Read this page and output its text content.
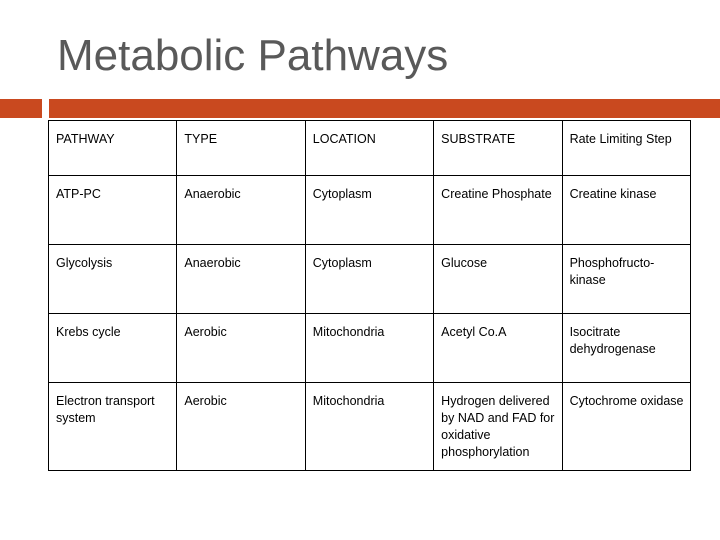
Metabolic Pathways
PATHWAY	TYPE	LOCATION	SUBSTRATE	Rate Limiting Step
ATP-PC	Anaerobic	Cytoplasm	Creatine Phosphate	Creatine kinase
Glycolysis	Anaerobic	Cytoplasm	Glucose	Phosphofructo-kinase
Krebs cycle	Aerobic	Mitochondria	Acetyl Co.A	Isocitrate dehydrogenase
Electron transport system	Aerobic	Mitochondria	Hydrogen delivered by NAD and FAD for oxidative phosphorylation	Cytochrome oxidase
